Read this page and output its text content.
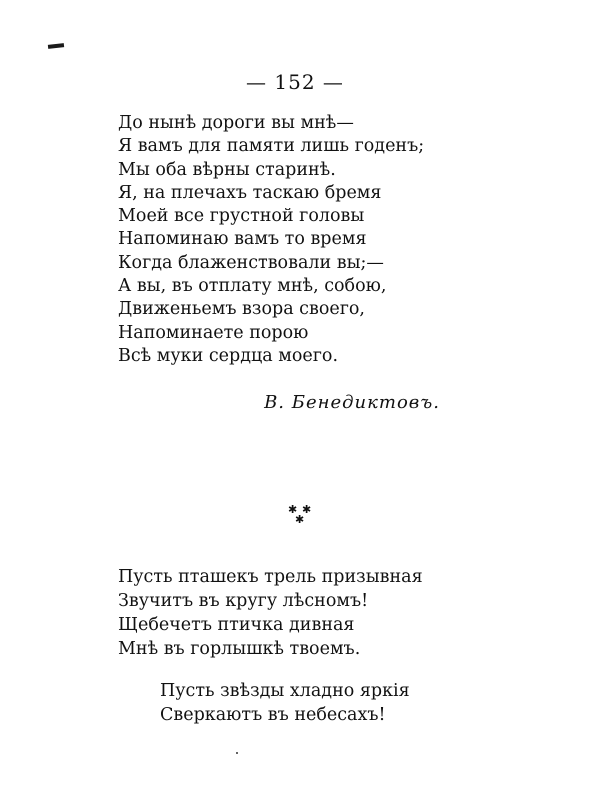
— 152 —
До нынѣ дороги вы мнѣ—
Я вамъ для памяти лишь годенъ;
Мы оба вѣрны старинѣ.
Я, на плечахъ таскаю бремя
Моей все грустной головы
Напоминаю вамъ то время
Когда блаженствовали вы;—
А вы, въ отплату мнѣ, собою,
Движеньемъ взора своего,
Напоминаете порою
Всѣ муки сердца моего.
В. Бенедиктовъ.
✱ ✱
✱
Пусть пташекъ трель призывная
Звучитъ въ кругу лѣсномъ!
Щебечетъ птичка дивная
Мнѣ въ горлышкѣ твоемъ.
Пусть звѣзды хладно яркія
Сверкаютъ въ небесахъ!
